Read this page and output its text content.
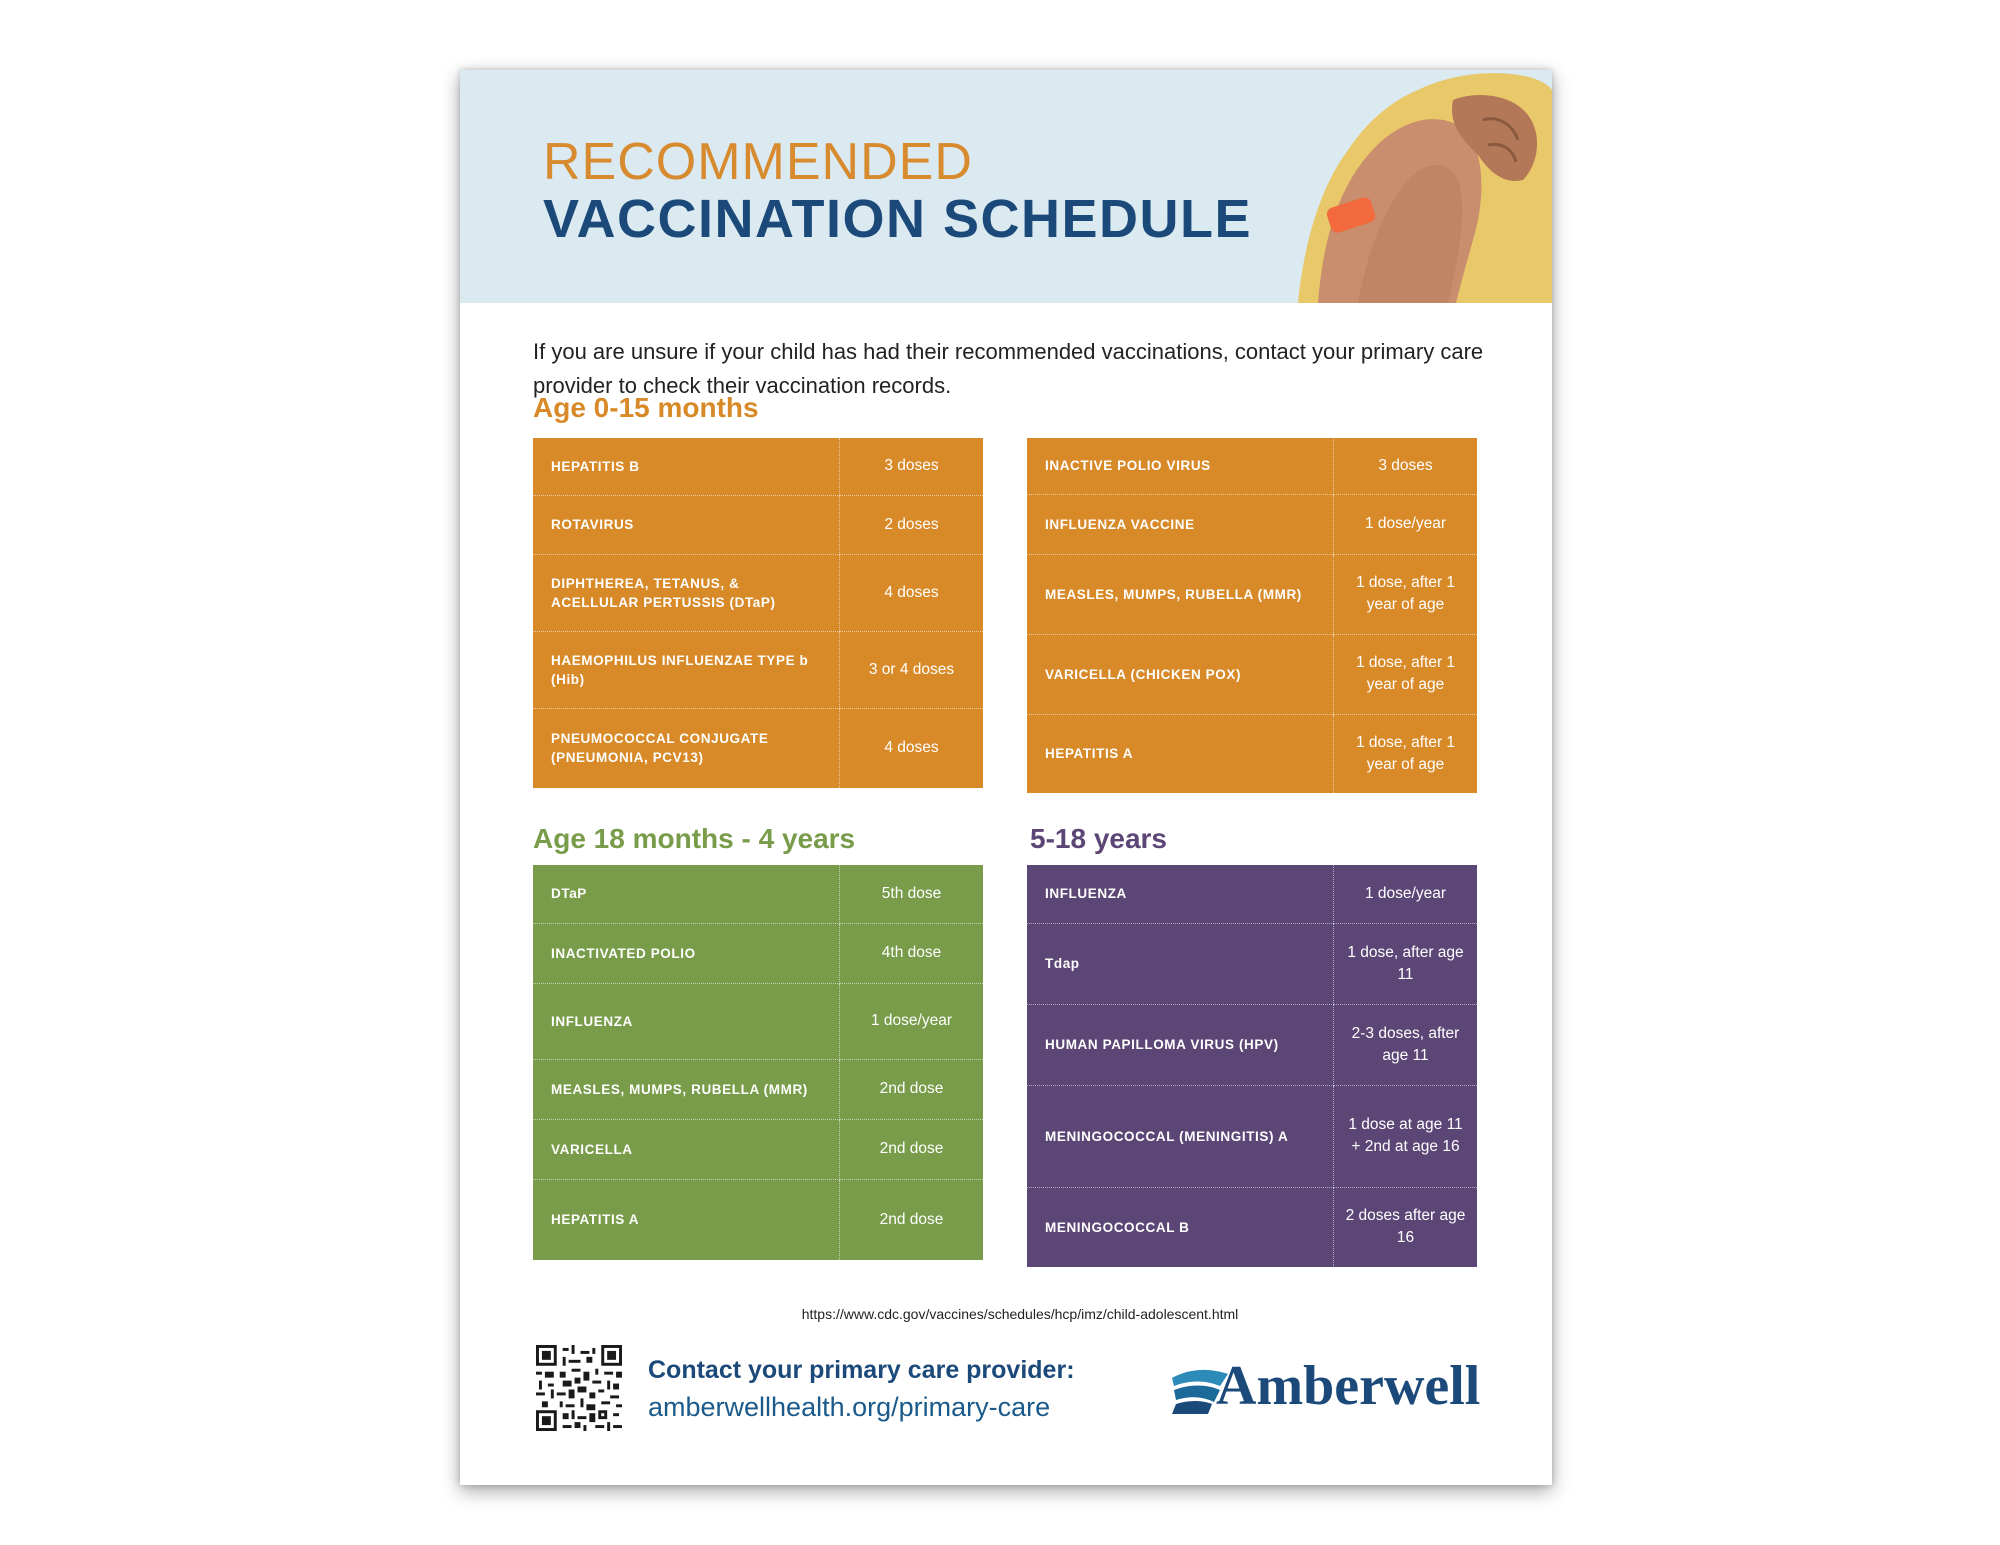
RECOMMENDED
VACCINATION SCHEDULE
If you are unsure if your child has had their recommended vaccinations, contact your primary care provider to check their vaccination records.
Age 0-15 months
HEPATITIS B	3 doses
ROTAVIRUS	2 doses
DIPHTHEREA, TETANUS, & ACELLULAR PERTUSSIS (DTaP)	4 doses
HAEMOPHILUS INFLUENZAE TYPE b (Hib)	3 or 4 doses
PNEUMOCOCCAL CONJUGATE (PNEUMONIA, PCV13)	4 doses
INACTIVE POLIO VIRUS	3 doses
INFLUENZA VACCINE	1 dose/year
MEASLES, MUMPS, RUBELLA (MMR)	1 dose, after 1 year of age
VARICELLA (CHICKEN POX)	1 dose, after 1 year of age
HEPATITIS A	1 dose, after 1 year of age
Age 18 months - 4 years
DTaP	5th dose
INACTIVATED POLIO	4th dose
INFLUENZA	1 dose/year
MEASLES, MUMPS, RUBELLA (MMR)	2nd dose
VARICELLA	2nd dose
HEPATITIS A	2nd dose
5-18 years
INFLUENZA	1 dose/year
Tdap	1 dose, after age 11
HUMAN PAPILLOMA VIRUS (HPV)	2-3 doses, after age 11
MENINGOCOCCAL (MENINGITIS) A	1 dose at age 11 + 2nd at age 16
MENINGOCOCCAL B	2 doses after age 16
https://www.cdc.gov/vaccines/schedules/hcp/imz/child-adolescent.html
Contact your primary care provider:
amberwellhealth.org/primary-care	Amberwell
